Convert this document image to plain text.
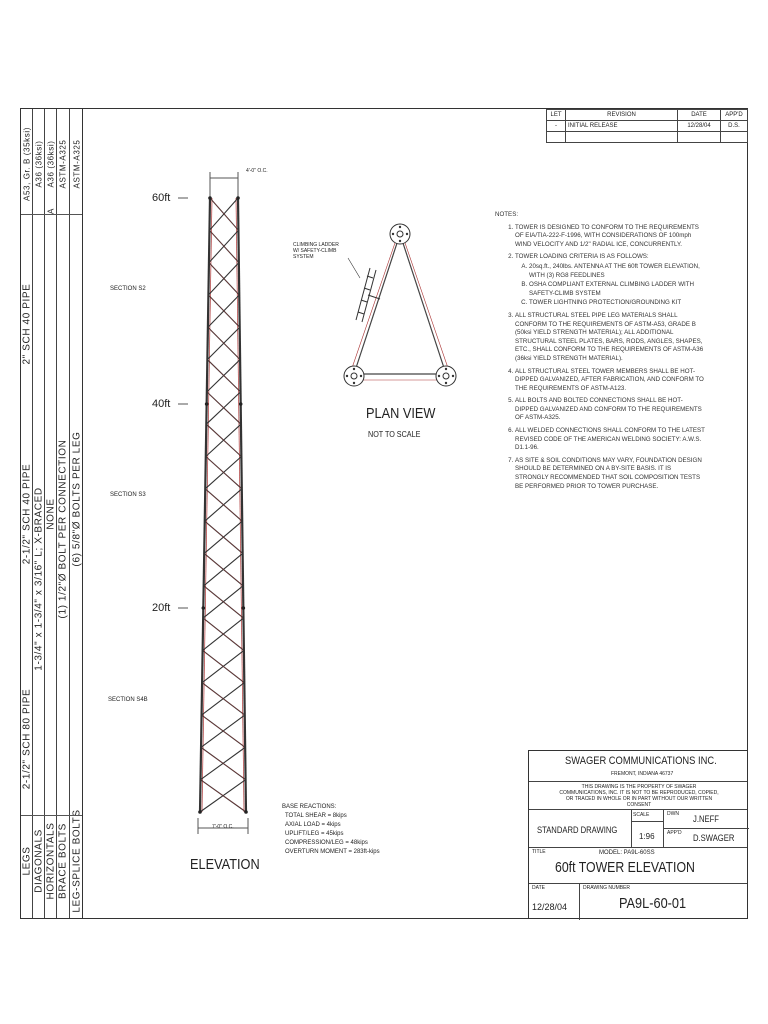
LEGS
2-1/2" SCH 80 PIPE
2-1/2" SCH 40 PIPE
2" SCH 40 PIPE
A53, Gr. B (35ksi)
DIAGONALS
1-3/4" x 1-3/4" x 3/16" L; X-BRACED
A36 (36ksi)
HORIZONTALS
NONE
A36 (36ksi)
A
BRACE BOLTS
(1) 1/2"Ø BOLT PER CONNECTION
ASTM-A325
LEG-SPLICE BOLTS
(6) 5/8"Ø BOLTS PER LEG
ASTM-A325	4'-0" O.C.
7'-0" O.C.
60ft
40ft
20ft
SECTION S2
SECTION S3
SECTION S4B
ELEVATION
BASE REACTIONS:
TOTAL SHEAR = 8kips
AXIAL LOAD = 4kips
UPLIFT/LEG = 45kips
COMPRESSION/LEG = 48kips
OVERTURN MOMENT = 283ft-kips
CLIMBING LADDER W/ SAFETY-CLIMB SYSTEM
PLAN VIEW
NOT TO SCALE
LET	REVISION	DATE	APP'D
-	INITIAL RELEASE	12/28/04	D.S.

NOTES:
1. TOWER IS DESIGNED TO CONFORM TO THE REQUIREMENTS OF EIA/TIA-222-F-1996, WITH CONSIDERATIONS OF 100mph WIND VELOCITY AND 1/2" RADIAL ICE, CONCURRENTLY.
2. TOWER LOADING CRITERIA IS AS FOLLOWS:
A. 20sq.ft., 240lbs. ANTENNA AT THE 60ft TOWER ELEVATION, WITH (3) RG8 FEEDLINES
B. OSHA COMPLIANT EXTERNAL CLIMBING LADDER WITH SAFETY-CLIMB SYSTEM
C. TOWER LIGHTNING PROTECTION/GROUNDING KIT
3. ALL STRUCTURAL STEEL PIPE LEG MATERIALS SHALL CONFORM TO THE REQUIREMENTS OF ASTM-A53, GRADE B (50ksi YIELD STRENGTH MATERIAL); ALL ADDITIONAL STRUCTURAL STEEL PLATES, BARS, RODS, ANGLES, SHAPES, ETC., SHALL CONFORM TO THE REQUIREMENTS OF ASTM-A36 (36ksi YIELD STRENGTH MATERIAL).
4. ALL STRUCTURAL STEEL TOWER MEMBERS SHALL BE HOT-DIPPED GALVANIZED, AFTER FABRICATION, AND CONFORM TO THE REQUIREMENTS OF ASTM-A123.
5. ALL BOLTS AND BOLTED CONNECTIONS SHALL BE HOT-DIPPED GALVANIZED AND CONFORM TO THE REQUIREMENTS OF ASTM-A325.
6. ALL WELDED CONNECTIONS SHALL CONFORM TO THE LATEST REVISED CODE OF THE AMERICAN WELDING SOCIETY: A.W.S. D1.1-96.
7. AS SITE & SOIL CONDITIONS MAY VARY, FOUNDATION DESIGN SHOULD BE DETERMINED ON A BY-SITE BASIS. IT IS STRONGLY RECOMMENDED THAT SOIL COMPOSITION TESTS BE PERFORMED PRIOR TO TOWER PURCHASE.
SWAGER COMMUNICATIONS INC.
FREMONT, INDIANA 46737
THIS DRAWING IS THE PROPERTY OF SWAGER COMMUNICATIONS, INC. IT IS NOT TO BE REPRODUCED, COPIED, OR TRACED IN WHOLE OR IN PART WITHOUT OUR WRITTEN CONSENT
STANDARD DRAWING
SCALE
1:96
DWN J.NEFF
APP'D D.SWAGER
TITLE	MODEL: PA9L-60SS
60ft TOWER ELEVATION
DATE
12/28/04
DRAWING NUMBER
PA9L-60-01
